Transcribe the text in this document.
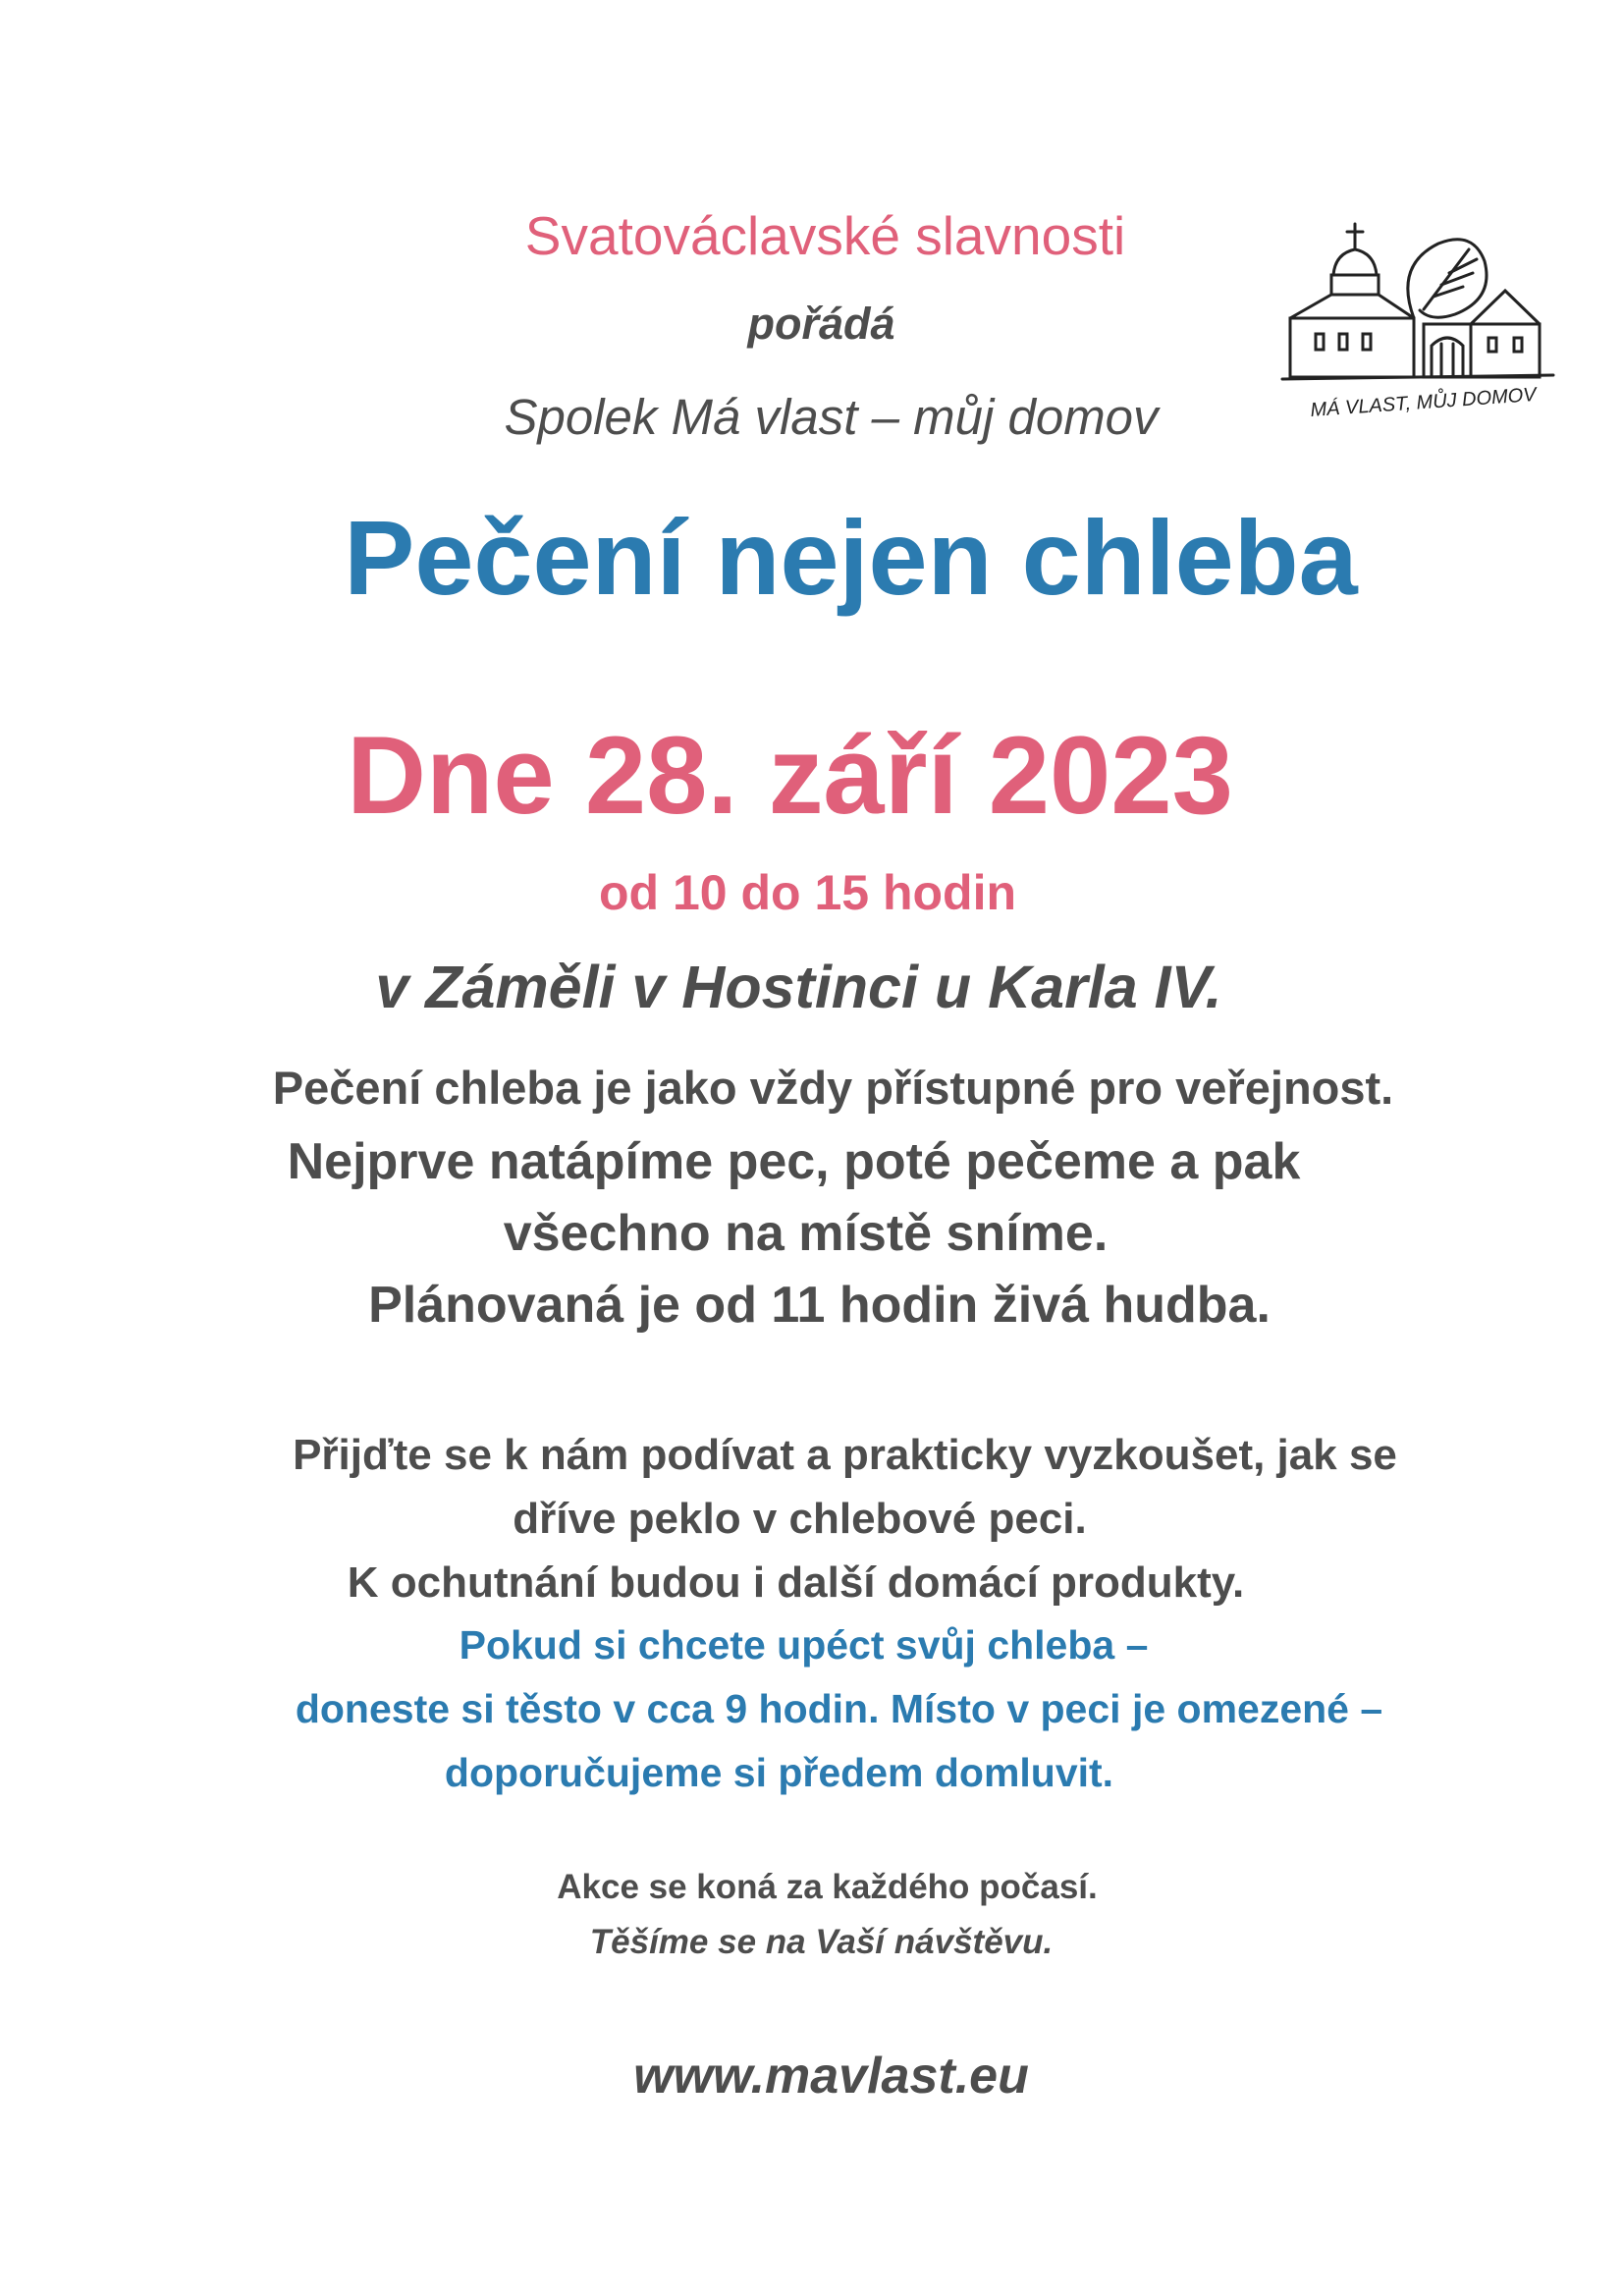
Svatováclavské slavnosti

pořádá

Spolek Má vlast – můj domov	MÁ VLAST, MŮJ DOMOV

Pečení nejen chleba

Dne 28. září 2023

od 10 do 15 hodin

v Záměli v Hostinci u Karla IV.

Pečení chleba je jako vždy přístupné pro veřejnost.

Nejprve natápíme pec, poté pečeme a pak

všechno na místě sníme.

Plánovaná je od 11 hodin živá hudba.

Přijďte se k nám podívat a prakticky vyzkoušet, jak se

dříve peklo v chlebové peci.

K ochutnání budou i další domácí produkty.

Pokud si chcete upéct svůj chleba –

doneste si těsto v cca 9 hodin. Místo v peci je omezené –

doporučujeme si předem domluvit.

Akce se koná za každého počasí.

Těšíme se na Vaší návštěvu.

www.mavlast.eu
